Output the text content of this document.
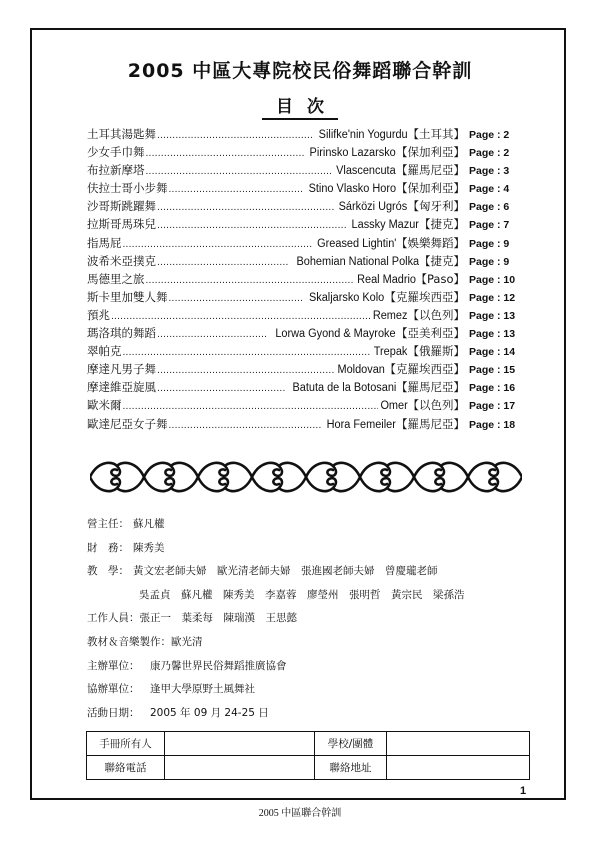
2005 中區大專院校民俗舞蹈聯合幹訓
目次
土耳其湯匙舞 .....	Silifke'nin Yogurdu 【土耳其】 Page : 2
少女手巾舞 .....	Pirinsko Lazarsko 【保加利亞】 Page : 2
布拉新摩塔 .....	Vlascencuta 【羅馬尼亞】 Page : 3
伕拉士哥小步舞 .....	Stino Vlasko Horo 【保加利亞】 Page : 4
沙哥斯跳躍舞 .....	Sárközi Ugrós 【匈牙利】 Page : 6
拉斯哥馬珠兒 .....	Lassky Mazur 【捷克】 Page : 7
指馬屁 .....	Greased Lightin' 【娛樂舞蹈】 Page : 9
波希米亞撲克 .....	Bohemian National Polka 【捷克】 Page : 9
馬德里之旅 .....	Real Madrio 【Paso】 Page : 10
斯卡里加雙人舞 .....	Skaljarsko Kolo 【克羅埃西亞】 Page : 12
預兆 .....	Remez 【以色列】 Page : 13
瑪洛琪的舞蹈 .....	Lorwa Gyond & Mayroke 【亞美利亞】 Page : 13
翠帕克 .....	Trepak 【俄羅斯】 Page : 14
摩達凡男子舞 .....	Moldovan 【克羅埃西亞】 Page : 15
摩達維亞旋風 .....	Batuta de la Botosani 【羅馬尼亞】 Page : 16
歐米爾 .....	Omer 【以色列】 Page : 17
歐達尼亞女子舞 .....	Hora Femeiler 【羅馬尼亞】 Page : 18
營主任： 蘇凡權
財　務： 陳秀美
教　學： 黃文宏老師夫婦　歐光清老師夫婦　張進國老師夫婦　曾慶瓏老師
吳孟貞　蘇凡權　陳秀美　李嘉蓉　廖瑩州　張明哲　黃宗民　梁孫浩
工作人員：張正一　葉柔每　陳瑞漢　王思懿
教材＆音樂製作：歐光清
主辦單位：　康乃馨世界民俗舞蹈推廣協會
協辦單位：　逢甲大學原野土風舞社
活動日期：　2005 年 09 月 24-25 日
手冊所有人		學校/團體	
聯絡電話		聯絡地址	
1
2005 中區聯合幹訓
